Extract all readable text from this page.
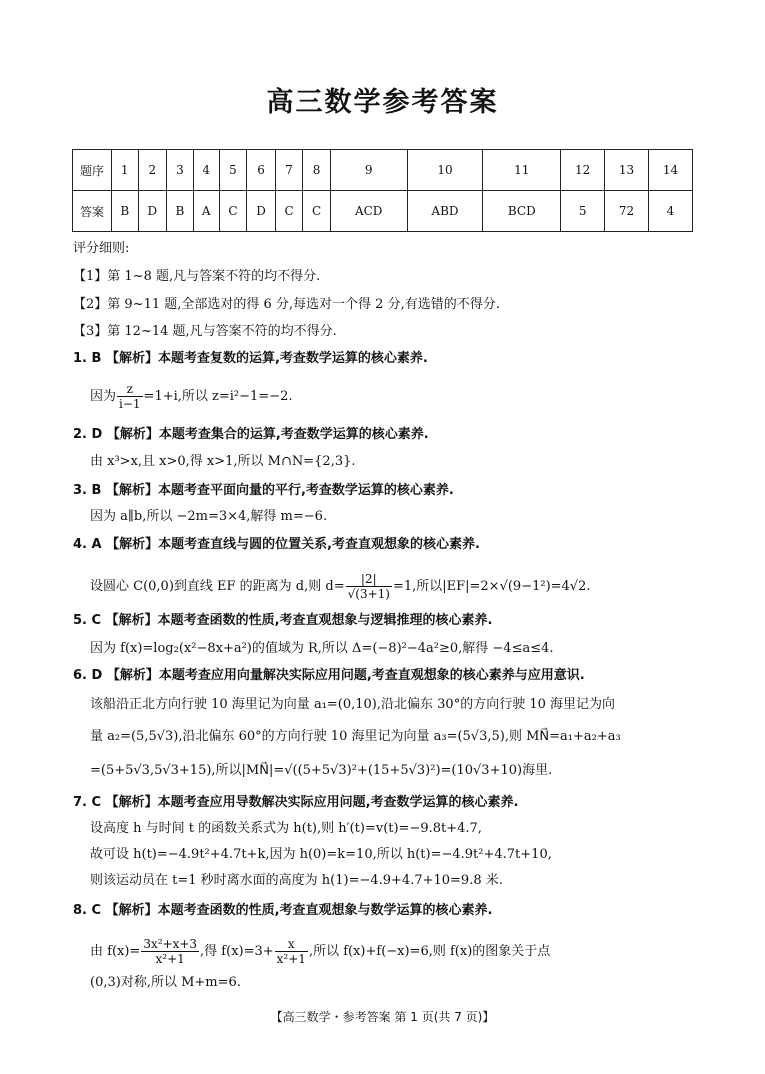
高三数学参考答案
题序	1	2	3	4	5	6	7	8	9	10	11	12	13	14
答案	B	D	B	A	C	D	C	C	ACD	ABD	BCD	5	72	4
评分细则:
【1】第 1~8 题,凡与答案不符的均不得分.
【2】第 9~11 题,全部选对的得 6 分,每选对一个得 2 分,有选错的不得分.
【3】第 12~14 题,凡与答案不符的均不得分.
1. B 【解析】本题考查复数的运算,考查数学运算的核心素养.
因为 $\frac{z}{i-1} =1+i$,所以 z=i²−1=−2.
2. D 【解析】本题考查集合的运算,考查数学运算的核心素养.
由 x³>x,且 x>0,得 x>1,所以 M∩N={2,3}.
3. B 【解析】本题考查平面向量的平行,考查数学运算的核心素养.
因为 a∥b,所以 −2m=3×4,解得 m=−6.
4. A 【解析】本题考查直线与圆的位置关系,考查直观想象的核心素养.
设圆心 C(0,0)到直线 EF 的距离为 d,则 $d= \frac{|2|}{√(3+1)} =1$,所以|EF|=2×√(9−1²)=4√2.
5. C 【解析】本题考查函数的性质,考查直观想象与逻辑推理的核心素养.
因为 f(x)=log₂(x²−8x+a²)的值域为 R,所以 Δ=(−8)²−4a²≥0,解得 −4≤a≤4.
6. D 【解析】本题考查应用向量解决实际应用问题,考查直观想象的核心素养与应用意识.
该船沿正北方向行驶 10 海里记为向量 a₁=(0,10),沿北偏东 30°的方向行驶 10 海里记为向
量 a₂=(5,5√3),沿北偏东 60°的方向行驶 10 海里记为向量 a₃=(5√3,5),则 MN⃗=a₁+a₂+a₃
=(5+5√3,5√3+15),所以|MN⃗|=√((5+5√3)²+(15+5√3)²)=(10√3+10)海里.
7. C 【解析】本题考查应用导数解决实际应用问题,考查数学运算的核心素养.
设高度 h 与时间 t 的函数关系式为 h(t),则 h′(t)=v(t)=−9.8t+4.7,
故可设 h(t)=−4.9t²+4.7t+k,因为 h(0)=k=10,所以 h(t)=−4.9t²+4.7t+10,
则该运动员在 t=1 秒时离水面的高度为 h(1)=−4.9+4.7+10=9.8 米.
8. C 【解析】本题考查函数的性质,考查直观想象与数学运算的核心素养.
由 $f(x)= \frac{\text{3x²+x+3}}{\text{x²+1}}$ ,得 $f(x)=3+ \frac{x}{\text{x²+1}}$ ,所以 f(x)+f(−x)=6,则 f(x)的图象关于点
(0,3)对称,所以 M+m=6.
【高三数学・参考答案 第 1 页(共 7 页)】
